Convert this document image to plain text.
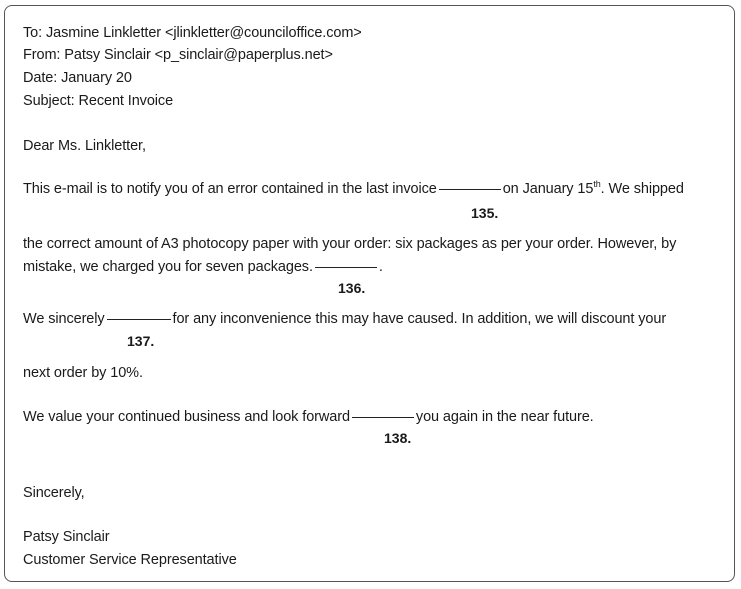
To: Jasmine Linkletter <jlinkletter@counciloffice.com>
From: Patsy Sinclair <p_sinclair@paperplus.net>
Date: January 20
Subject: Recent Invoice
Dear Ms. Linkletter,
This e-mail is to notify you of an error contained in the last invoice	on January 15th. We shipped
135.
the correct amount of A3 photocopy paper with your order: six packages as per your order. However, by
mistake, we charged you for seven packages.	.
136.
We sincerely	for any inconvenience this may have caused. In addition, we will discount your
137.
next order by 10%.
We value your continued business and look forward	you again in the near future.
138.
Sincerely,
Patsy Sinclair
Customer Service Representative
